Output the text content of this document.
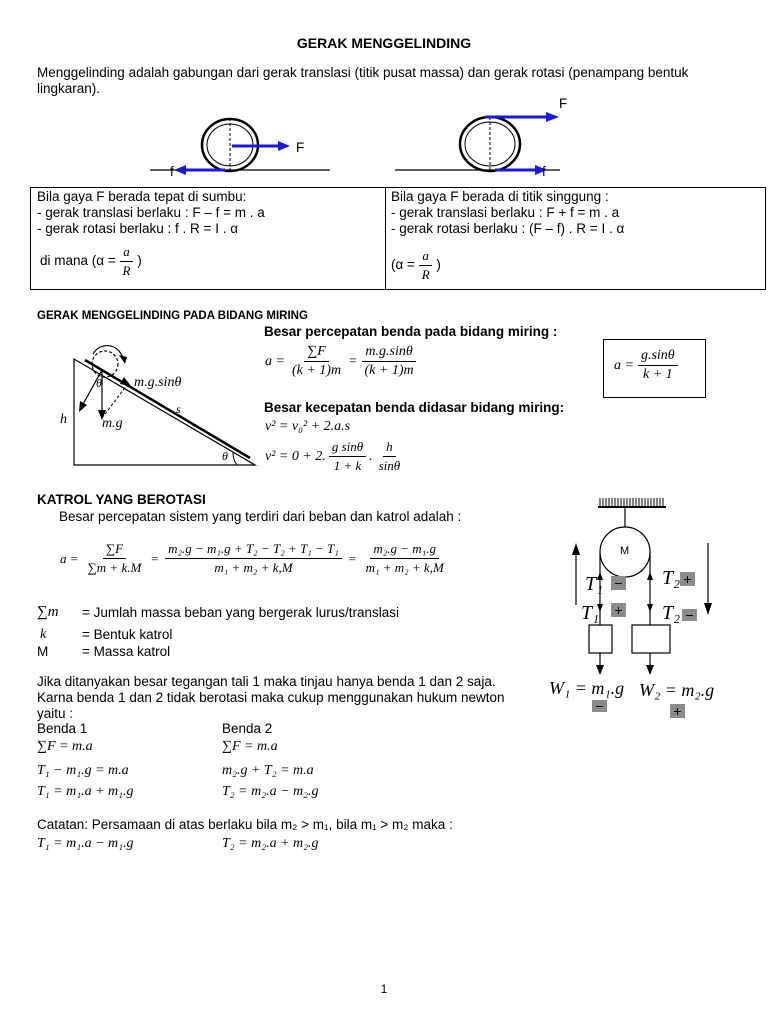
GERAK MENGGELINDING
Menggelinding adalah gabungan dari gerak translasi (titik pusat massa) dan gerak rotasi (penampang bentuk
lingkaran).
F
f
F
f
Bila gaya F berada tepat di sumbu:
- gerak translasi berlaku : F – f = m . a
- gerak rotasi berlaku : f . R = I . α
di mana ($\alpha = \frac{a}{R}$ )
Bila gaya F berada di titik singgung :
- gerak translasi berlaku : F + f = m . a
- gerak rotasi berlaku : (F – f) . R = I . α
($\alpha = \frac{a}{R}$ )
GERAK MENGGELINDING PADA BIDANG MIRING
Besar percepatan benda pada bidang miring :
m.g.sinθ
θ
m.g
h
s
θ
$a = \frac{\sum F}{(k + 1)m} = \frac{m.g.\sin\theta}{(k + 1)m}$	$a = \frac{g.\sin\theta}{k + 1}$
Besar kecepatan benda didasar bidang miring:
v² = v₀² + 2.a.s
v² = 0 + 2. $\frac{\text{g sinθ}}{1 + k}$ . $\frac{h}{\sin\theta}$
KATROL YANG BEROTASI
Besar percepatan sistem yang terdiri dari beban dan katrol adalah :
$a = \frac{\sum F}{\sum m + k.M} = \frac{\text{m₂.g − m₁.g + T₂ − T₂ + T₁ − T₁}}{\text{m₁ + m₂ + k,M}} = \frac{\text{m₂.g − m₁.g}}{\text{m₁ + m₂ + k,M}}$
∑m = Jumlah massa beban yang bergerak lurus/translasi
k	= Bentuk katrol
M	= Massa katrol
Jika ditanyakan besar tegangan tali 1 maka tinjau hanya benda 1 dan 2 saja.
Karna benda 1 dan 2 tidak berotasi maka cukup menggunakan hukum newton
yaitu :
Benda 1
∑F = m.a
T₁ − m₁.g = m.a
T₁ = m₁.a + m₁.g
Benda 2
∑F = m.a
m₂.g + T₂ = m.a
T₂ = m₂.a − m₂.g
Catatan: Persamaan di atas berlaku bila m₂ > m₁, bila m₁ > m₂ maka :
T₁ = m₁.a − m₁.g	T₂ = m₂.a + m₂.g
M
T₁ − T₂ +
T₁ + T₂ −
W₁ = m₁.g
−
W₂ = m₂.g
+
1
